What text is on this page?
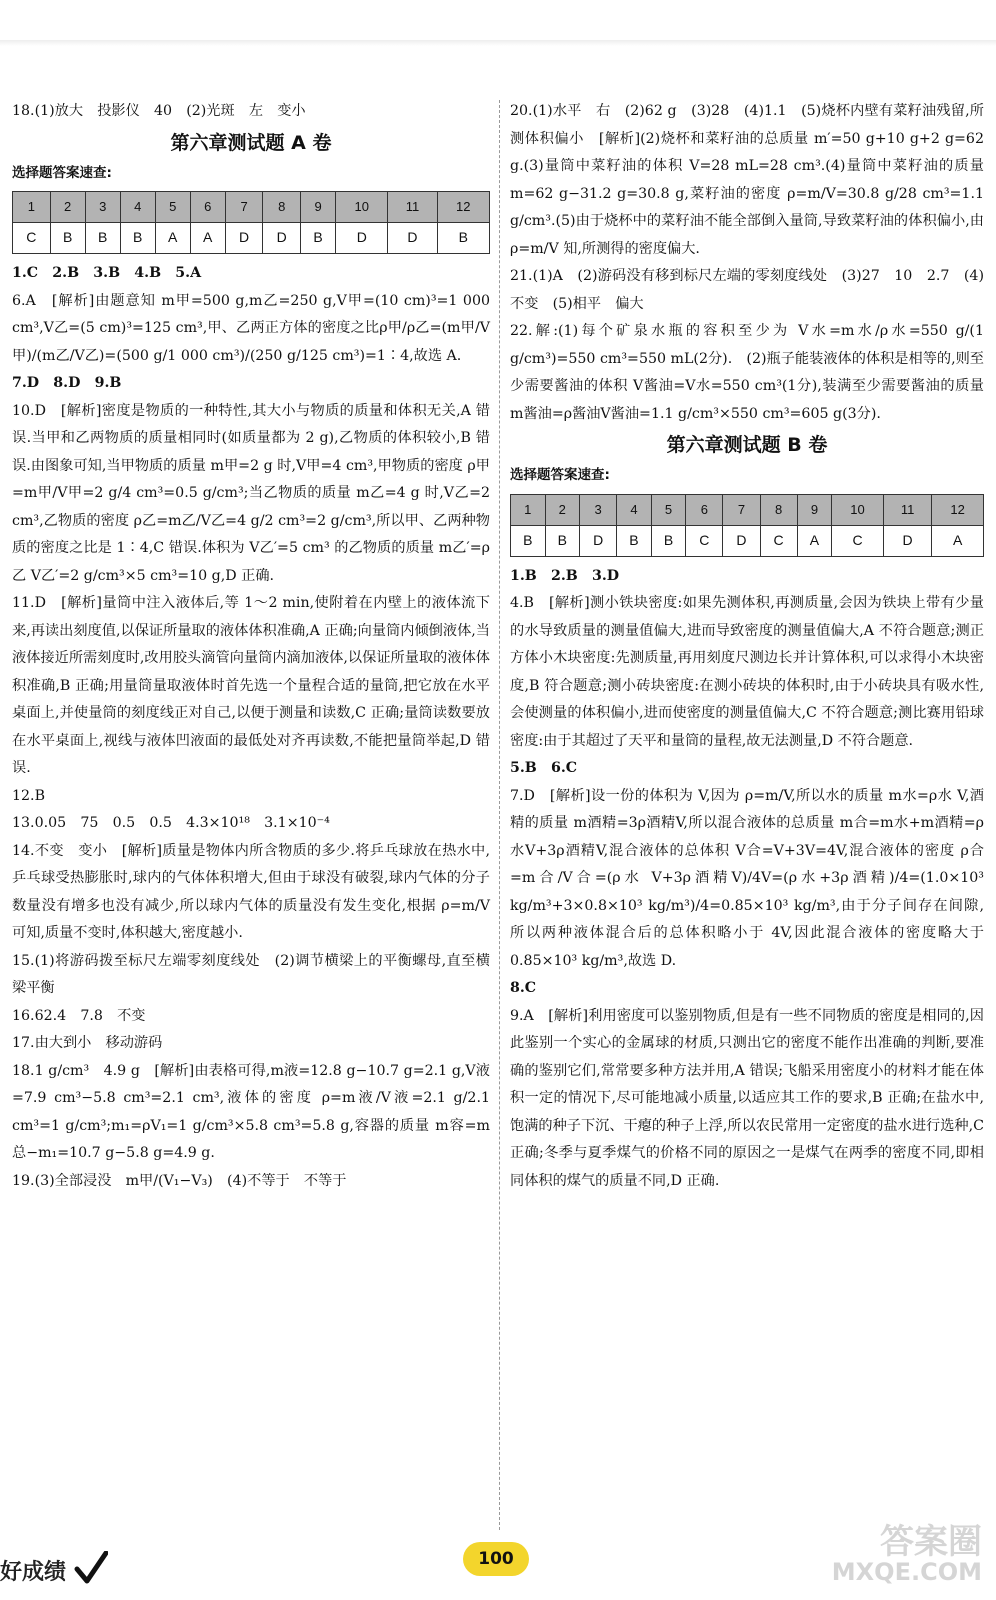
18.(1)放大　投影仪　40　(2)光斑　左　变小

第六章测试题 A 卷
选择题答案速查:
1	2	3	4	5	6	7	8	9	10	11	12
C	B	B	B	A	A	D	D	B	D	D	B

1.C　2.B　3.B　4.B　5.A

6.A　[解析]由题意知 m甲=500 g,m乙=250 g,V甲=(10 cm)³=1 000 cm³,V乙=(5 cm)³=125 cm³,甲、乙两正方体的密度之比ρ甲/ρ乙=(m甲/V甲)/(m乙/V乙)=(500 g/1 000 cm³)/(250 g/125 cm³)=1∶4,故选 A.

7.D　8.D　9.B

10.D　[解析]密度是物质的一种特性,其大小与物质的质量和体积无关,A 错误.当甲和乙两物质的质量相同时(如质量都为 2 g),乙物质的体积较小,B 错误.由图象可知,当甲物质的质量 m甲=2 g 时,V甲=4 cm³,甲物质的密度 ρ甲=m甲/V甲=2 g/4 cm³=0.5 g/cm³;当乙物质的质量 m乙=4 g 时,V乙=2 cm³,乙物质的密度 ρ乙=m乙/V乙=4 g/2 cm³=2 g/cm³,所以甲、乙两种物质的密度之比是 1∶4,C 错误.体积为 V乙′=5 cm³ 的乙物质的质量 m乙′=ρ乙 V乙′=2 g/cm³×5 cm³=10 g,D 正确.

11.D　[解析]量筒中注入液体后,等 1～2 min,使附着在内壁上的液体流下来,再读出刻度值,以保证所量取的液体体积准确,A 正确;向量筒内倾倒液体,当液体接近所需刻度时,改用胶头滴管向量筒内滴加液体,以保证所量取的液体体积准确,B 正确;用量筒量取液体时首先选一个量程合适的量筒,把它放在水平桌面上,并使量筒的刻度线正对自己,以便于测量和读数,C 正确;量筒读数要放在水平桌面上,视线与液体凹液面的最低处对齐再读数,不能把量筒举起,D 错误.

12.B

13.0.05　75　0.5　0.5　4.3×10¹⁸　3.1×10⁻⁴

14.不变　变小　[解析]质量是物体内所含物质的多少.将乒乓球放在热水中,乒乓球受热膨胀时,球内的气体体积增大,但由于球没有破裂,球内气体的分子数量没有增多也没有减少,所以球内气体的质量没有发生变化,根据 ρ=m/V 可知,质量不变时,体积越大,密度越小.

15.(1)将游码拨至标尺左端零刻度线处　(2)调节横梁上的平衡螺母,直至横梁平衡

16.62.4　7.8　不变

17.由大到小　移动游码

18.1 g/cm³　4.9 g　[解析]由表格可得,m液=12.8 g−10.7 g=2.1 g,V液=7.9 cm³−5.8 cm³=2.1 cm³,液体的密度 ρ=m液/V液=2.1 g/2.1 cm³=1 g/cm³;m₁=ρV₁=1 g/cm³×5.8 cm³=5.8 g,容器的质量 m容=m总−m₁=10.7 g−5.8 g=4.9 g.

19.(3)全部浸没　m甲/(V₁−V₃)　(4)不等于　不等于

20.(1)水平　右　(2)62 g　(3)28　(4)1.1　(5)烧杯内壁有菜籽油残留,所测体积偏小　[解析](2)烧杯和菜籽油的总质量 m′=50 g+10 g+2 g=62 g.(3)量筒中菜籽油的体积 V=28 mL=28 cm³.(4)量筒中菜籽油的质量 m=62 g−31.2 g=30.8 g,菜籽油的密度 ρ=m/V=30.8 g/28 cm³=1.1 g/cm³.(5)由于烧杯中的菜籽油不能全部倒入量筒,导致菜籽油的体积偏小,由 ρ=m/V 知,所测得的密度偏大.

21.(1)A　(2)游码没有移到标尺左端的零刻度线处　(3)27　10　2.7　(4)不变　(5)相平　偏大

22.解:(1)每个矿泉水瓶的容积至少为 V水=m水/ρ水=550 g/(1 g/cm³)=550 cm³=550 mL(2分).　(2)瓶子能装液体的体积是相等的,则至少需要酱油的体积 V酱油=V水=550 cm³(1分),装满至少需要酱油的质量 m酱油=ρ酱油V酱油=1.1 g/cm³×550 cm³=605 g(3分).

第六章测试题 B 卷
选择题答案速查:
1	2	3	4	5	6	7	8	9	10	11	12
B	B	D	B	B	C	D	C	A	C	D	A

1.B　2.B　3.D

4.B　[解析]测小铁块密度:如果先测体积,再测质量,会因为铁块上带有少量的水导致质量的测量值偏大,进而导致密度的测量值偏大,A 不符合题意;测正方体小木块密度:先测质量,再用刻度尺测边长并计算体积,可以求得小木块密度,B 符合题意;测小砖块密度:在测小砖块的体积时,由于小砖块具有吸水性,会使测量的体积偏小,进而使密度的测量值偏大,C 不符合题意;测比赛用铅球密度:由于其超过了天平和量筒的量程,故无法测量,D 不符合题意.

5.B　6.C

7.D　[解析]设一份的体积为 V,因为 ρ=m/V,所以水的质量 m水=ρ水 V,酒精的质量 m酒精=3ρ酒精V,所以混合液体的总质量 m合=m水+m酒精=ρ水V+3ρ酒精V,混合液体的总体积 V合=V+3V=4V,混合液体的密度 ρ合=m合/V合=(ρ水 V+3ρ酒精V)/4V=(ρ水+3ρ酒精)/4=(1.0×10³ kg/m³+3×0.8×10³ kg/m³)/4=0.85×10³ kg/m³,由于分子间存在间隙,所以两种液体混合后的总体积略小于 4V,因此混合液体的密度略大于 0.85×10³ kg/m³,故选 D.

8.C

9.A　[解析]利用密度可以鉴别物质,但是有一些不同物质的密度是相同的,因此鉴别一个实心的金属球的材质,只测出它的密度不能作出准确的判断,要准确的鉴别它们,常常要多种方法并用,A 错误;飞船采用密度小的材料才能在体积一定的情况下,尽可能地减小质量,以适应其工作的要求,B 正确;在盐水中,饱满的种子下沉、干瘪的种子上浮,所以农民常用一定密度的盐水进行选种,C 正确;冬季与夏季煤气的价格不同的原因之一是煤气在两季的密度不同,即相同体积的煤气的质量不同,D 正确.

好成绩
100	答案圈
MXQE.COM
